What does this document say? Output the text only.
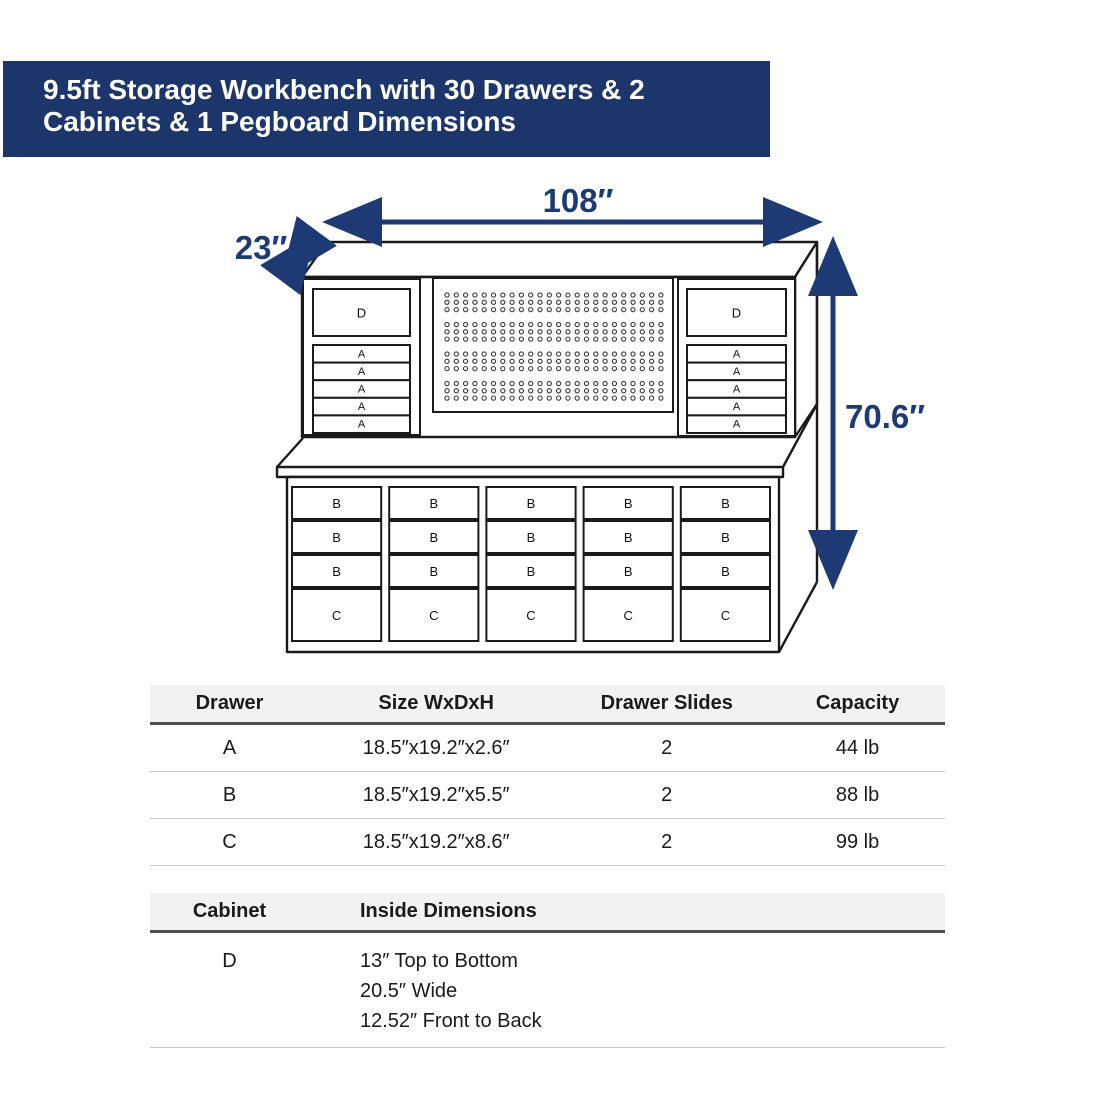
9.5ft Storage Workbench with 30 Drawers & 2
Cabinets & 1 Pegboard Dimensions
D
A
A
A
A
A
D
A
A
A
A
A
B
B
B
C
B
B
B
C
B
B
B
C
B
B
B
C
B
B
B
C
108″
23″
70.6″
Drawer	Size WxDxH	Drawer Slides	Capacity
A	18.5″x19.2″x2.6″	2	44 lb
B	18.5″x19.2″x5.5″	2	88 lb
C	18.5″x19.2″x8.6″	2	99 lb
Cabinet	Inside Dimensions
D	13″ Top to Bottom
20.5″ Wide
12.52″ Front to Back
